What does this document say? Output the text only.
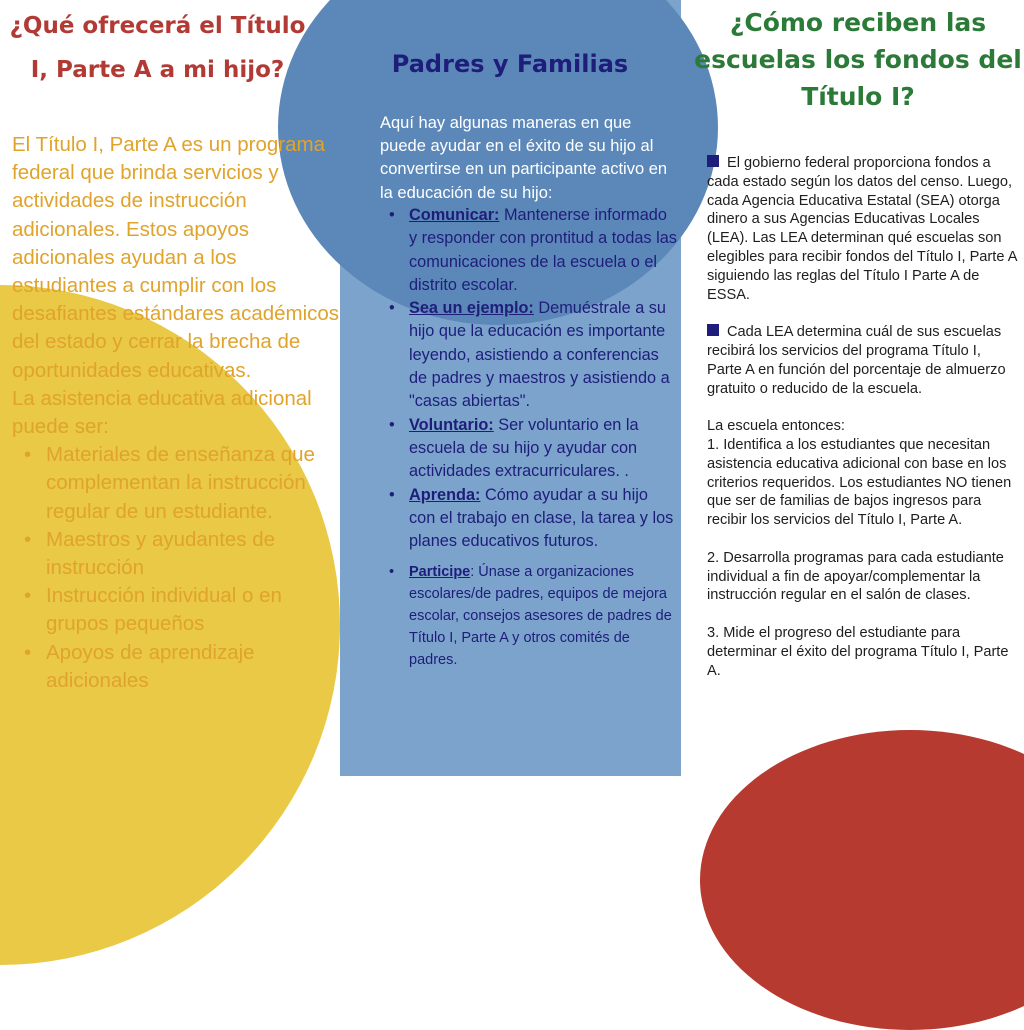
¿Qué ofrecerá el Título I, Parte A a mi hijo?

El Título I, Parte A es un programa federal que brinda servicios y actividades de instrucción adicionales. Estos apoyos adicionales ayudan a los estudiantes a cumplir con los desafiantes estándares académicos del estado y cerrar la brecha de oportunidades educativas.

La asistencia educativa adicional puede ser:

• Materiales de enseñanza que complementan la instrucción regular de un estudiante.
• Maestros y ayudantes de instrucción
• Instrucción individual o en grupos pequeños
• Apoyos de aprendizaje adicionales
Padres y Familias

Aquí hay algunas maneras en que puede ayudar en el éxito de su hijo al convertirse en un participante activo en la educación de su hijo:

• Comunicar: Mantenerse informado y responder con prontitud a todas las comunicaciones de la escuela o el distrito escolar.
• Sea un ejemplo: Demuéstrale a su hijo que la educación es importante leyendo, asistiendo a conferencias de padres y maestros y asistiendo a "casas abiertas".
• Voluntario: Ser voluntario en la escuela de su hijo y ayudar con actividades extracurriculares. .
• Aprenda: Cómo ayudar a su hijo con el trabajo en clase, la tarea y los planes educativos futuros.
• Participe: Únase a organizaciones escolares/de padres, equipos de mejora escolar, consejos asesores de padres de Título I, Parte A y otros comités de padres.
¿Cómo reciben las escuelas los fondos del Título I?

El gobierno federal proporciona fondos a cada estado según los datos del censo. Luego, cada Agencia Educativa Estatal (SEA) otorga dinero a sus Agencias Educativas Locales (LEA). Las LEA determinan qué escuelas son elegibles para recibir fondos del Título I, Parte A siguiendo las reglas del Título I Parte A de ESSA.

Cada LEA determina cuál de sus escuelas recibirá los servicios del programa Título I, Parte A en función del porcentaje de almuerzo gratuito o reducido de la escuela.

La escuela entonces:
1. Identifica a los estudiantes que necesitan asistencia educativa adicional con base en los criterios requeridos. Los estudiantes NO tienen que ser de familias de bajos ingresos para recibir los servicios del Título I, Parte A.

2. Desarrolla programas para cada estudiante individual a fin de apoyar/complementar la instrucción regular en el salón de clases.

3. Mide el progreso del estudiante para determinar el éxito del programa Título I, Parte A.
